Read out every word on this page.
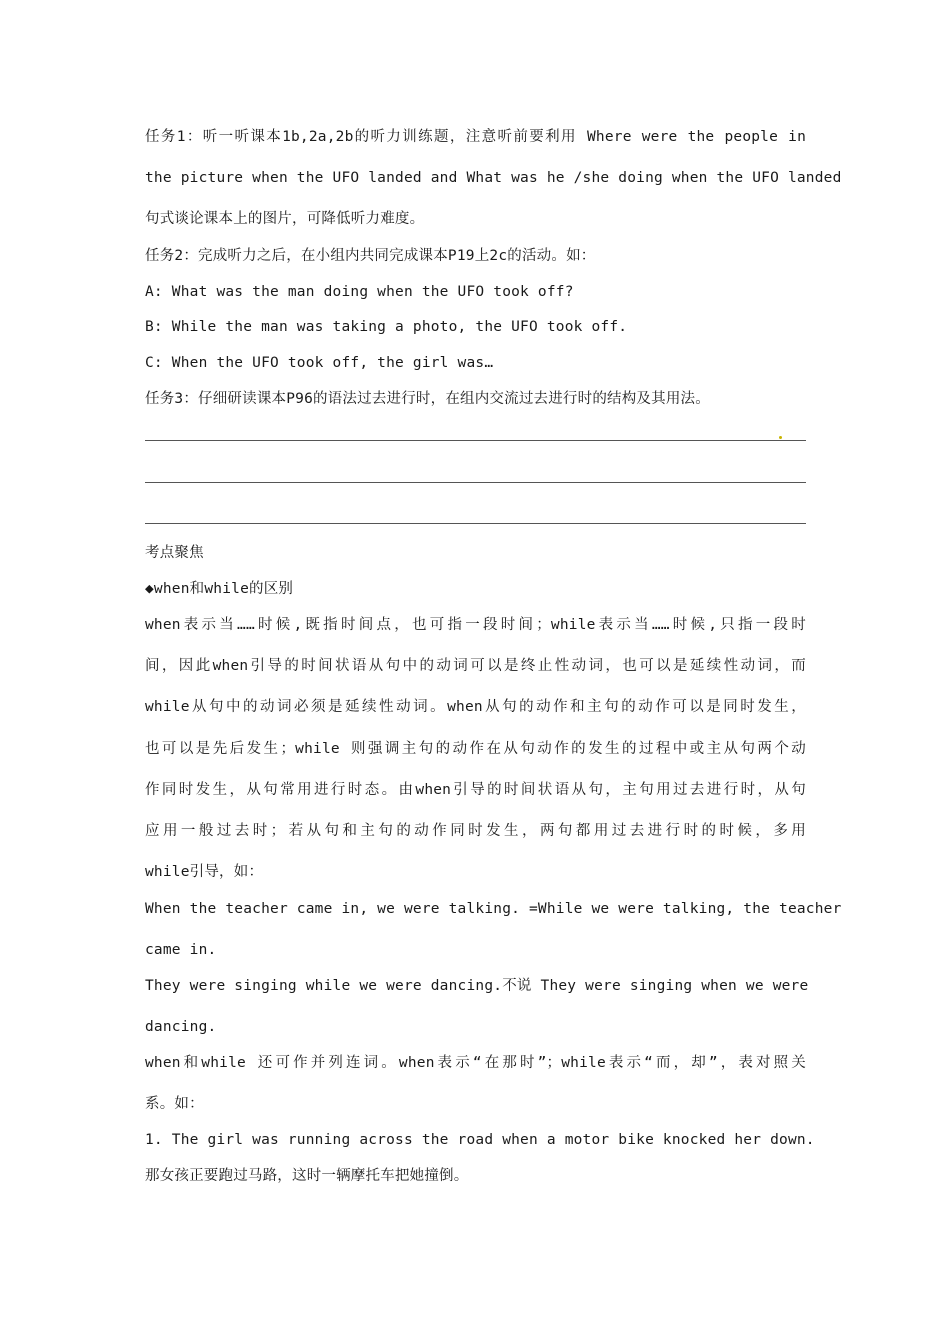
任务1：听一听课本1b,2a,2b的听力训练题，注意听前要利用 Where were the people in
the picture when the UFO landed and What was he /she doing when the UFO landed
句式谈论课本上的图片，可降低听力难度。
任务2：完成听力之后，在小组内共同完成课本P19上2c的活动。如：
A: What was the man doing when the UFO took off?
B: While the man was taking a photo, the UFO took off.
C: When the UFO took off, the girl was…
任务3：仔细研读课本P96的语法过去进行时，在组内交流过去进行时的结构及其用法。
考点聚焦
◆when和while的区别
when表示当……时候,既指时间点，也可指一段时间；while表示当……时候,只指一段时
间，因此when引导的时间状语从句中的动词可以是终止性动词，也可以是延续性动词，而
while从句中的动词必须是延续性动词。when从句的动作和主句的动作可以是同时发生，
也可以是先后发生；while 则强调主句的动作在从句动作的发生的过程中或主从句两个动
作同时发生，从句常用进行时态。由when引导的时间状语从句，主句用过去进行时，从句
应用一般过去时；若从句和主句的动作同时发生，两句都用过去进行时的时候，多用
while引导，如：
When the teacher came in, we were talking. =While we were talking, the teacher
came in.
They were singing while we were dancing.不说 They were singing when we were
dancing.
when和while 还可作并列连词。when表示“在那时”；while表示“而，却”，表对照关
系。如：
1. The girl was running across the road when a motor bike knocked her down.
那女孩正要跑过马路，这时一辆摩托车把她撞倒。
